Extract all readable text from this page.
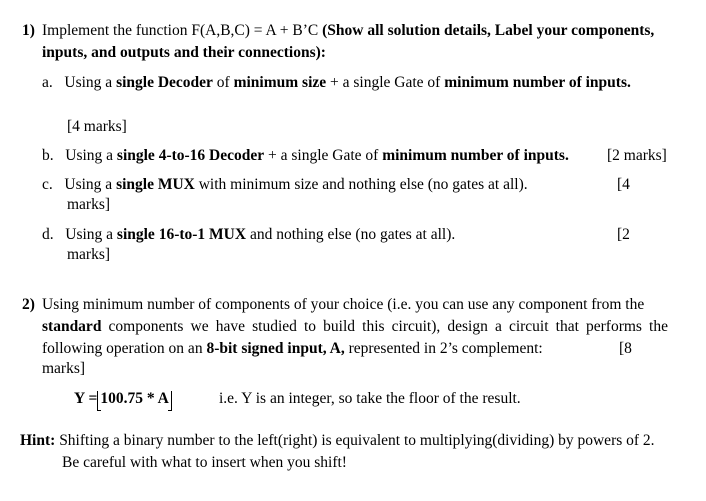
1) Implement the function F(A,B,C) = A + B’C (Show all solution details, Label your components,
inputs, and outputs and their connections):
a. Using a single Decoder of minimum size + a single Gate of minimum number of inputs.
[4 marks]
b. Using a single 4-to-16 Decoder + a single Gate of minimum number of inputs. [2 marks]
c. Using a single MUX with minimum size and nothing else (no gates at all).	[4
marks]
d. Using a single 16-to-1 MUX and nothing else (no gates at all).	[2
marks]
2) Using minimum number of components of your choice (i.e. you can use any component from the
standard components we have studied to build this circuit), design a circuit that performs the
following operation on an 8-bit signed input, A, represented in 2’s complement:	[8
marks]
Y = 100.75 * A	i.e. Y is an integer, so take the floor of the result.
Hint: Shifting a binary number to the left(right) is equivalent to multiplying(dividing) by powers of 2.
Be careful with what to insert when you shift!
